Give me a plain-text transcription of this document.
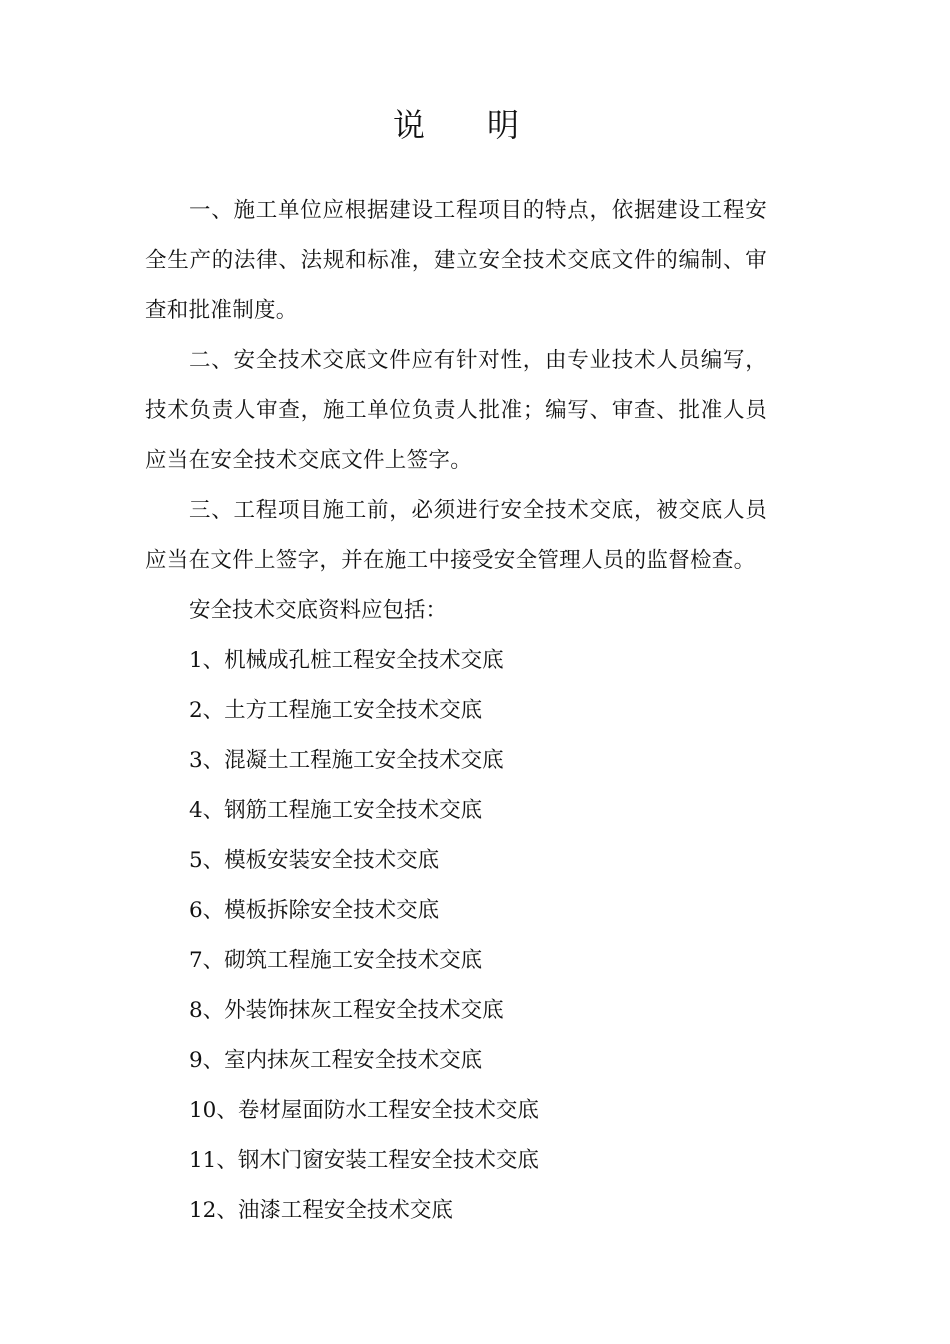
说明

一、施工单位应根据建设工程项目的特点，依据建设工程安全生产的法律、法规和标准，建立安全技术交底文件的编制、审查和批准制度。

二、安全技术交底文件应有针对性，由专业技术人员编写，技术负责人审查，施工单位负责人批准；编写、审查、批准人员应当在安全技术交底文件上签字。

三、工程项目施工前，必须进行安全技术交底，被交底人员应当在文件上签字，并在施工中接受安全管理人员的监督检查。

安全技术交底资料应包括：

1、机械成孔桩工程安全技术交底

2、土方工程施工安全技术交底

3、混凝土工程施工安全技术交底

4、钢筋工程施工安全技术交底

5、模板安装安全技术交底

6、模板拆除安全技术交底

7、砌筑工程施工安全技术交底

8、外装饰抹灰工程安全技术交底

9、室内抹灰工程安全技术交底

10、卷材屋面防水工程安全技术交底

11、钢木门窗安装工程安全技术交底

12、油漆工程安全技术交底
